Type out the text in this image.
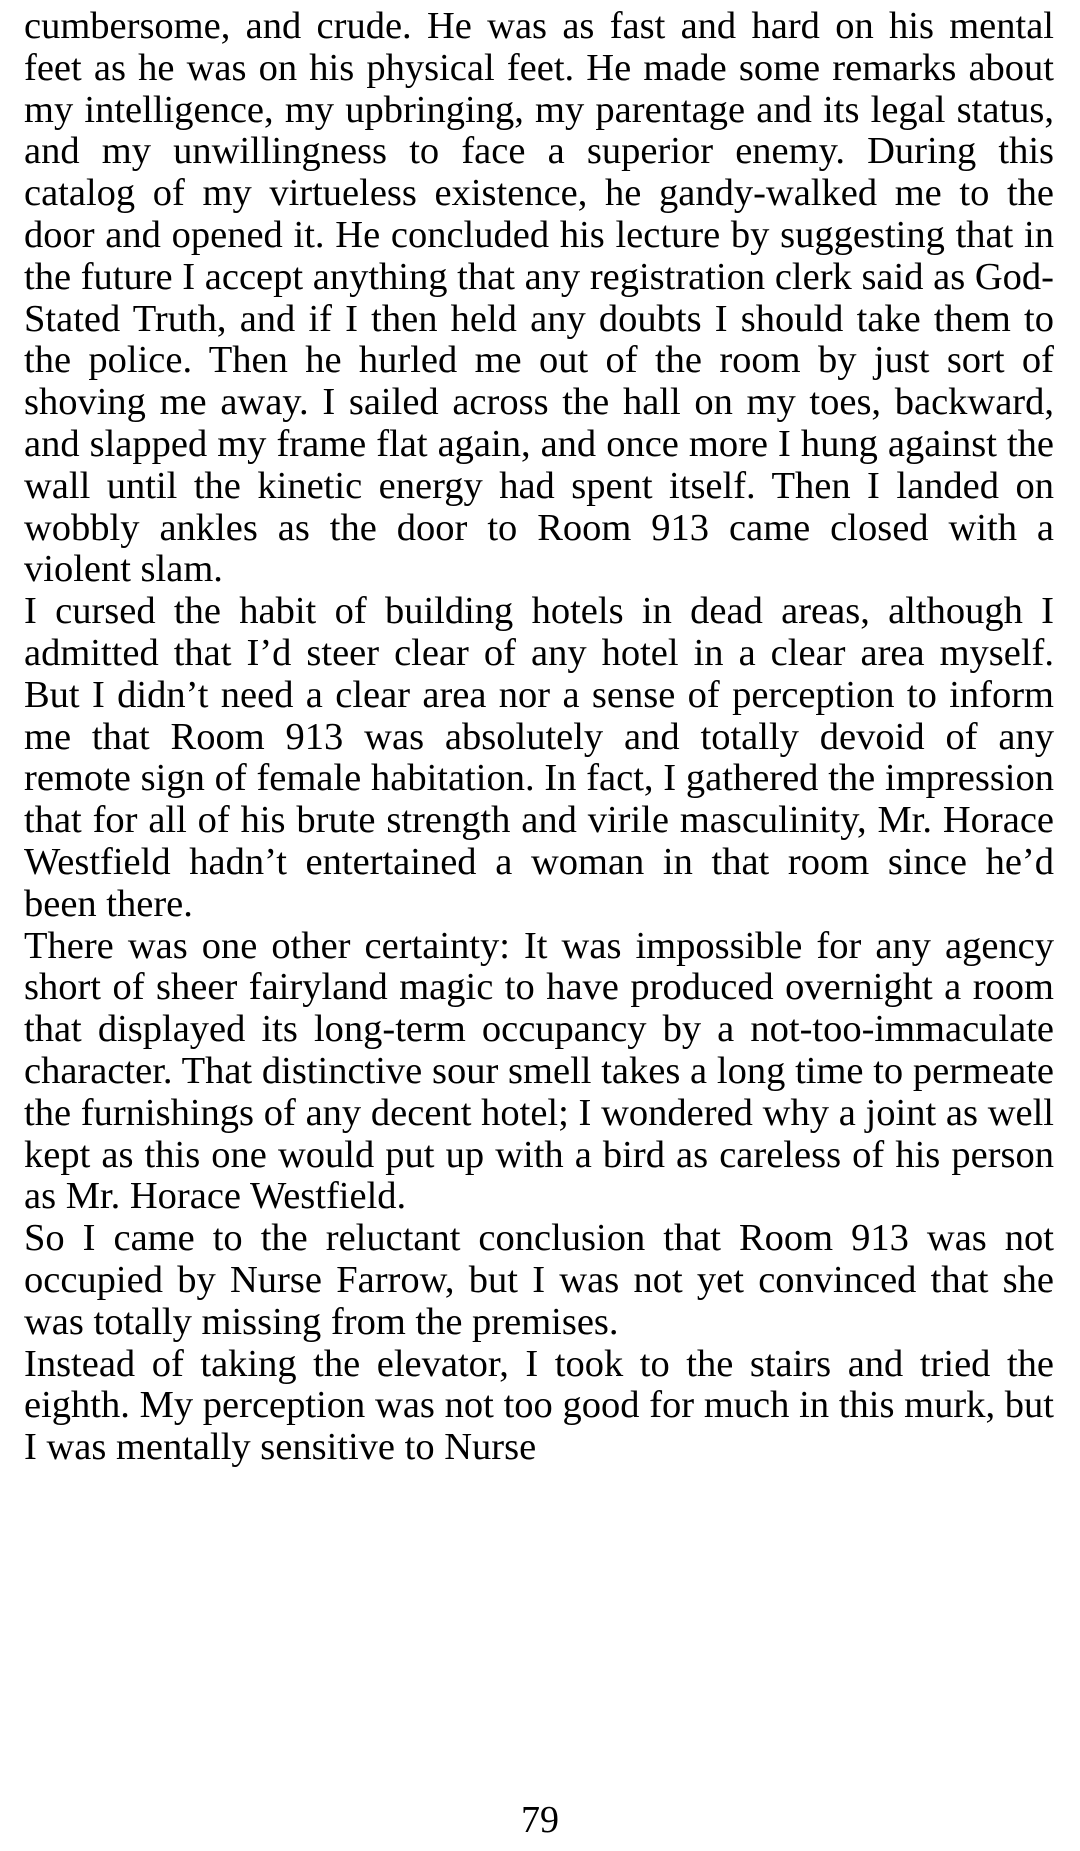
cumbersome, and crude. He was as fast and hard on his mental feet as he was on his physical feet. He made some remarks about my intelligence, my upbringing, my parentage and its legal status, and my unwillingness to face a superior enemy. During this catalog of my virtueless existence, he gandy-walked me to the door and opened it. He concluded his lecture by suggesting that in the future I accept anything that any registration clerk said as God-Stated Truth, and if I then held any doubts I should take them to the police. Then he hurled me out of the room by just sort of shoving me away. I sailed across the hall on my toes, backward, and slapped my frame flat again, and once more I hung against the wall until the kinetic energy had spent itself. Then I landed on wobbly ankles as the door to Room 913 came closed with a violent slam.

I cursed the habit of building hotels in dead areas, although I admitted that I’d steer clear of any hotel in a clear area myself. But I didn’t need a clear area nor a sense of perception to inform me that Room 913 was absolutely and totally devoid of any remote sign of female habitation. In fact, I gathered the impression that for all of his brute strength and virile masculinity, Mr. Horace Westfield hadn’t entertained a woman in that room since he’d been there.

There was one other certainty: It was impossible for any agency short of sheer fairyland magic to have produced overnight a room that displayed its long-term occupancy by a not-too-immaculate character. That distinctive sour smell takes a long time to permeate the furnishings of any decent hotel; I wondered why a joint as well kept as this one would put up with a bird as careless of his person as Mr. Horace Westfield.

So I came to the reluctant conclusion that Room 913 was not occupied by Nurse Farrow, but I was not yet convinced that she was totally missing from the premises.

Instead of taking the elevator, I took to the stairs and tried the eighth. My perception was not too good for much in this murk, but I was mentally sensitive to Nurse

79
